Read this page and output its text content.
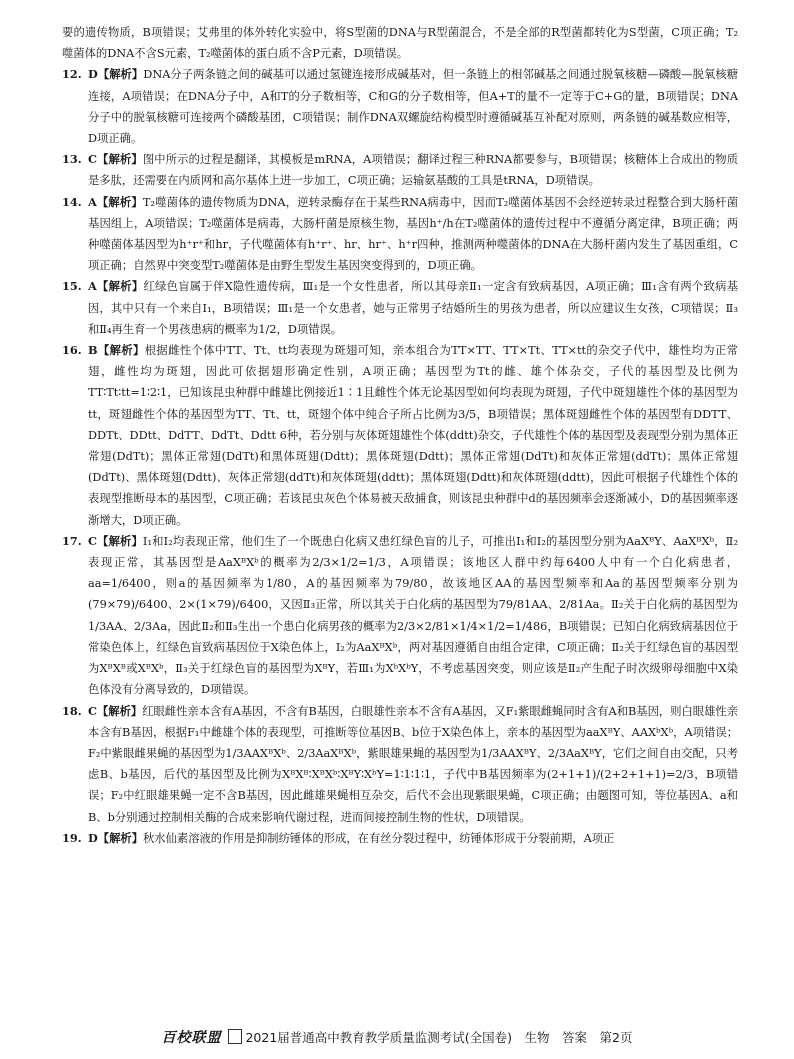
要的遗传物质，B项错误；艾弗里的体外转化实验中，将S型菌的DNA与R型菌混合，不是全部的R型菌都转化为S型菌，C项正确；T₂噬菌体的DNA不含S元素，T₂噬菌体的蛋白质不含P元素，D项错误。

12. D【解析】DNA分子两条链之间的碱基可以通过氢键连接形成碱基对，但一条链上的相邻碱基之间通过脱氧核糖—磷酸—脱氧核糖连接，A项错误；在DNA分子中，A和T的分子数相等，C和G的分子数相等，但A+T的量不一定等于C+G的量，B项错误；DNA分子中的脱氧核糖可连接两个磷酸基团，C项错误；制作DNA双螺旋结构模型时遵循碱基互补配对原则，两条链的碱基数应相等，D项正确。
13. C【解析】图中所示的过程是翻译，其模板是mRNA，A项错误；翻译过程三种RNA都要参与，B项错误；核糖体上合成出的物质是多肽，还需要在内质网和高尔基体上进一步加工，C项正确；运输氨基酸的工具是tRNA，D项错误。
14. A【解析】T₂噬菌体的遗传物质为DNA，逆转录酶存在于某些RNA病毒中，因而T₂噬菌体基因不会经逆转录过程整合到大肠杆菌基因组上，A项错误；T₂噬菌体是病毒，大肠杆菌是原核生物，基因h⁺/h在T₂噬菌体的遗传过程中不遵循分离定律，B项正确；两种噬菌体基因型为h⁺r⁺和hr，子代噬菌体有h⁺r⁺、hr、hr⁺、h⁺r四种，推测两种噬菌体的DNA在大肠杆菌内发生了基因重组，C项正确；自然界中突变型T₂噬菌体是由野生型发生基因突变得到的，D项正确。
15. A【解析】红绿色盲属于伴X隐性遗传病，Ⅲ₁是一个女性患者，所以其母亲Ⅱ₁一定含有致病基因，A项正确；Ⅲ₁含有两个致病基因，其中只有一个来自Ⅰ₁，B项错误；Ⅲ₁是一个女患者，她与正常男子结婚所生的男孩为患者，所以应建议生女孩，C项错误；Ⅱ₃和Ⅱ₄再生育一个男孩患病的概率为1/2，D项错误。
16. B【解析】根据雌性个体中TT、Tt、tt均表现为斑翅可知，亲本组合为TT×TT、TT×Tt、TT×tt的杂交子代中，雄性均为正常翅，雌性均为斑翅，因此可依据翅形确定性别，A项正确；基因型为Tt的雌、雄个体杂交，子代的基因型及比例为TT∶Tt∶tt=1∶2∶1，已知该昆虫种群中雌雄比例接近1∶1且雌性个体无论基因型如何均表现为斑翅，子代中斑翅雄性个体的基因型为tt，斑翅雌性个体的基因型为TT、Tt、tt，斑翅个体中纯合子所占比例为3/5，B项错误；黑体斑翅雌性个体的基因型有DDTT、DDTt、DDtt、DdTT、DdTt、Ddtt 6种，若分别与灰体斑翅雄性个体(ddtt)杂交，子代雄性个体的基因型及表现型分别为黑体正常翅(DdTt)；黑体正常翅(DdTt)和黑体斑翅(Ddtt)；黑体斑翅(Ddtt)；黑体正常翅(DdTt)和灰体正常翅(ddTt)；黑体正常翅(DdTt)、黑体斑翅(Ddtt)、灰体正常翅(ddTt)和灰体斑翅(ddtt)；黑体斑翅(Ddtt)和灰体斑翅(ddtt)，因此可根据子代雄性个体的表现型推断母本的基因型，C项正确；若该昆虫灰色个体易被天敌捕食，则该昆虫种群中d的基因频率会逐渐减小，D的基因频率逐渐增大，D项正确。
17. C【解析】Ⅰ₁和Ⅰ₂均表现正常，他们生了一个既患白化病又患红绿色盲的儿子，可推出Ⅰ₁和Ⅰ₂的基因型分别为AaXᴮY、AaXᴮXᵇ，Ⅱ₂表现正常，其基因型是AaXᴮXᵇ的概率为2/3×1/2=1/3，A项错误；该地区人群中约每6400人中有一个白化病患者，aa=1/6400，则a的基因频率为1/80，A的基因频率为79/80，故该地区AA的基因型频率和Aa的基因型频率分别为(79×79)/6400、2×(1×79)/6400，又因Ⅱ₃正常，所以其关于白化病的基因型为79/81AA、2/81Aa。Ⅱ₂关于白化病的基因型为1/3AA、2/3Aa，因此Ⅱ₂和Ⅱ₃生出一个患白化病男孩的概率为2/3×2/81×1/4×1/2=1/486，B项错误；已知白化病致病基因位于常染色体上，红绿色盲致病基因位于X染色体上，Ⅰ₂为AaXᴮXᵇ，两对基因遵循自由组合定律，C项正确；Ⅱ₂关于红绿色盲的基因型为XᴮXᴮ或XᴮXᵇ，Ⅱ₃关于红绿色盲的基因型为XᴮY，若Ⅲ₁为XᵇXᵇY，不考虑基因突变，则应该是Ⅱ₂产生配子时次级卵母细胞中X染色体没有分离导致的，D项错误。
18. C【解析】红眼雌性亲本含有A基因，不含有B基因，白眼雄性亲本不含有A基因，又F₁紫眼雌蝇同时含有A和B基因，则白眼雄性亲本含有B基因，根据F₁中雌雄个体的表现型，可推断等位基因B、b位于X染色体上，亲本的基因型为aaXᴮY、AAXᵇXᵇ，A项错误；F₂中紫眼雌果蝇的基因型为1/3AAXᴮXᵇ、2/3AaXᴮXᵇ，紫眼雄果蝇的基因型为1/3AAXᴮY、2/3AaXᴮY，它们之间自由交配，只考虑B、b基因，后代的基因型及比例为XᴮXᴮ∶XᴮXᵇ∶XᴮY∶XᵇY=1∶1∶1∶1，子代中B基因频率为(2+1+1)/(2+2+1+1)=2/3，B项错误；F₂中红眼雄果蝇一定不含B基因，因此雌雄果蝇相互杂交，后代不会出现紫眼果蝇，C项正确；由题图可知，等位基因A、a和B、b分别通过控制相关酶的合成来影响代谢过程，进而间接控制生物的性状，D项错误。
19. D【解析】秋水仙素溶液的作用是抑制纺锤体的形成，在有丝分裂过程中，纺锤体形成于分裂前期，A项正
百校联盟 2021届普通高中教育教学质量监测考试(全国卷)　生物　答案　第2页
